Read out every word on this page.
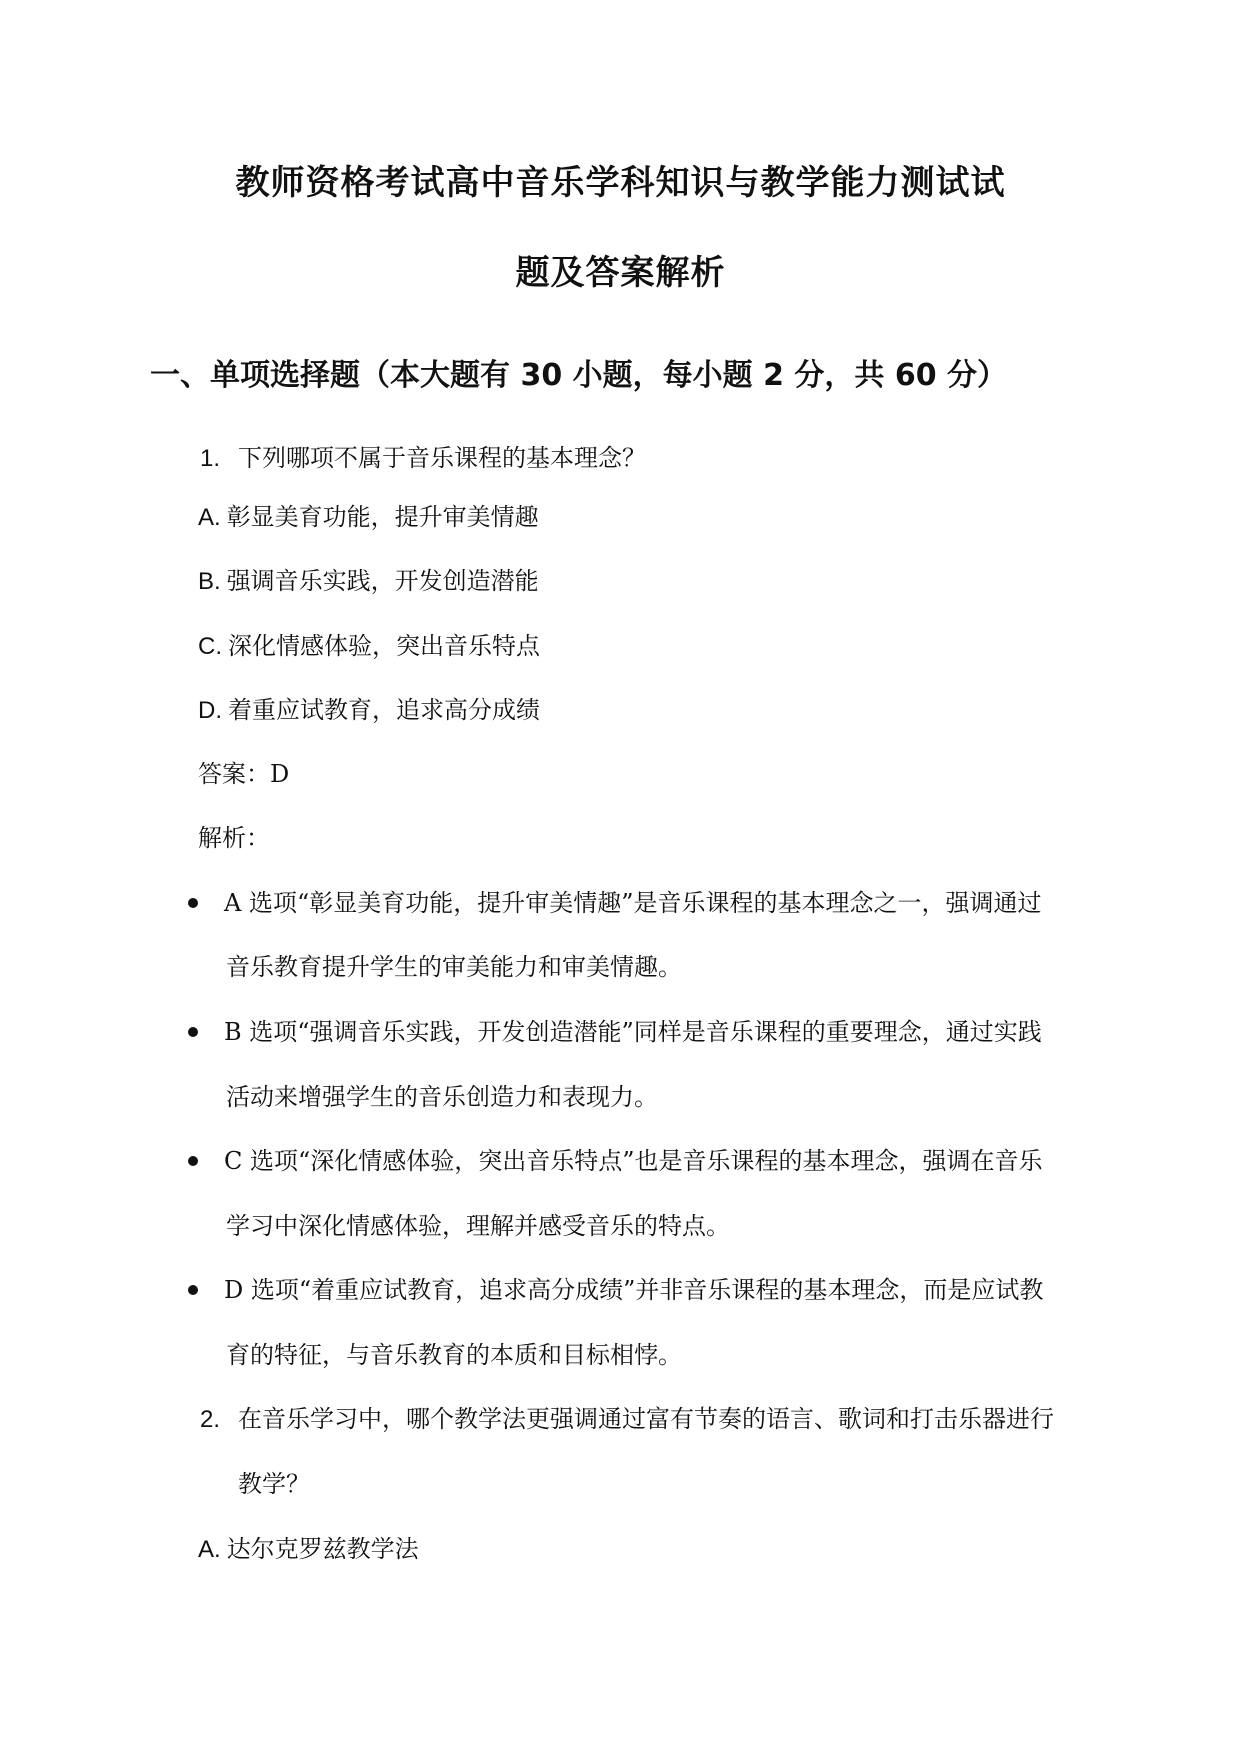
教师资格考试高中音乐学科知识与教学能力测试试
题及答案解析
一、单项选择题（本大题有 30 小题，每小题 2 分，共 60 分）
1. 下列哪项不属于音乐课程的基本理念？
A. 彰显美育功能，提升审美情趣
B. 强调音乐实践，开发创造潜能
C. 深化情感体验，突出音乐特点
D. 着重应试教育，追求高分成绩
答案：D
解析：
A 选项“彰显美育功能，提升审美情趣”是音乐课程的基本理念之一，强调通过
音乐教育提升学生的审美能力和审美情趣。
B 选项“强调音乐实践，开发创造潜能”同样是音乐课程的重要理念，通过实践
活动来增强学生的音乐创造力和表现力。
C 选项“深化情感体验，突出音乐特点”也是音乐课程的基本理念，强调在音乐
学习中深化情感体验，理解并感受音乐的特点。
D 选项“着重应试教育，追求高分成绩”并非音乐课程的基本理念，而是应试教
育的特征，与音乐教育的本质和目标相悖。
2. 在音乐学习中，哪个教学法更强调通过富有节奏的语言、歌词和打击乐器进行
教学？
A. 达尔克罗兹教学法
